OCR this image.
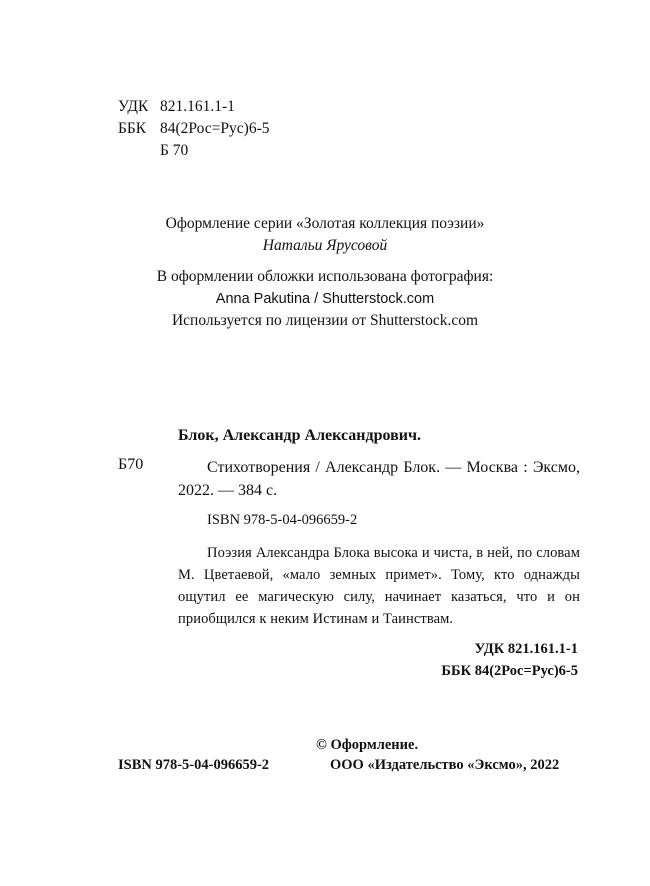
УДК 821.161.1-1
ББК 84(2Рос=Рус)6-5
Б 70
Оформление серии «Золотая коллекция поэзии»
Натальи Ярусовой
В оформлении обложки использована фотография:
Anna Pakutina / Shutterstock.com
Используется по лицензии от Shutterstock.com
Блок, Александр Александрович.
Б70	Стихотворения / Александр Блок. — Москва : Эксмо, 2022. — 384 с.

ISBN 978-5-04-096659-2

Поэзия Александра Блока высока и чиста, в ней, по словам М. Цветаевой, «мало земных примет». Тому, кто однажды ощутил ее магическую силу, начинает казаться, что и он приобщился к неким Истинам и Таинствам.

УДК 821.161.1-1
ББК 84(2Рос=Рус)6-5
© Оформление.
ISBN 978-5-04-096659-2	ООО «Издательство «Эксмо», 2022
